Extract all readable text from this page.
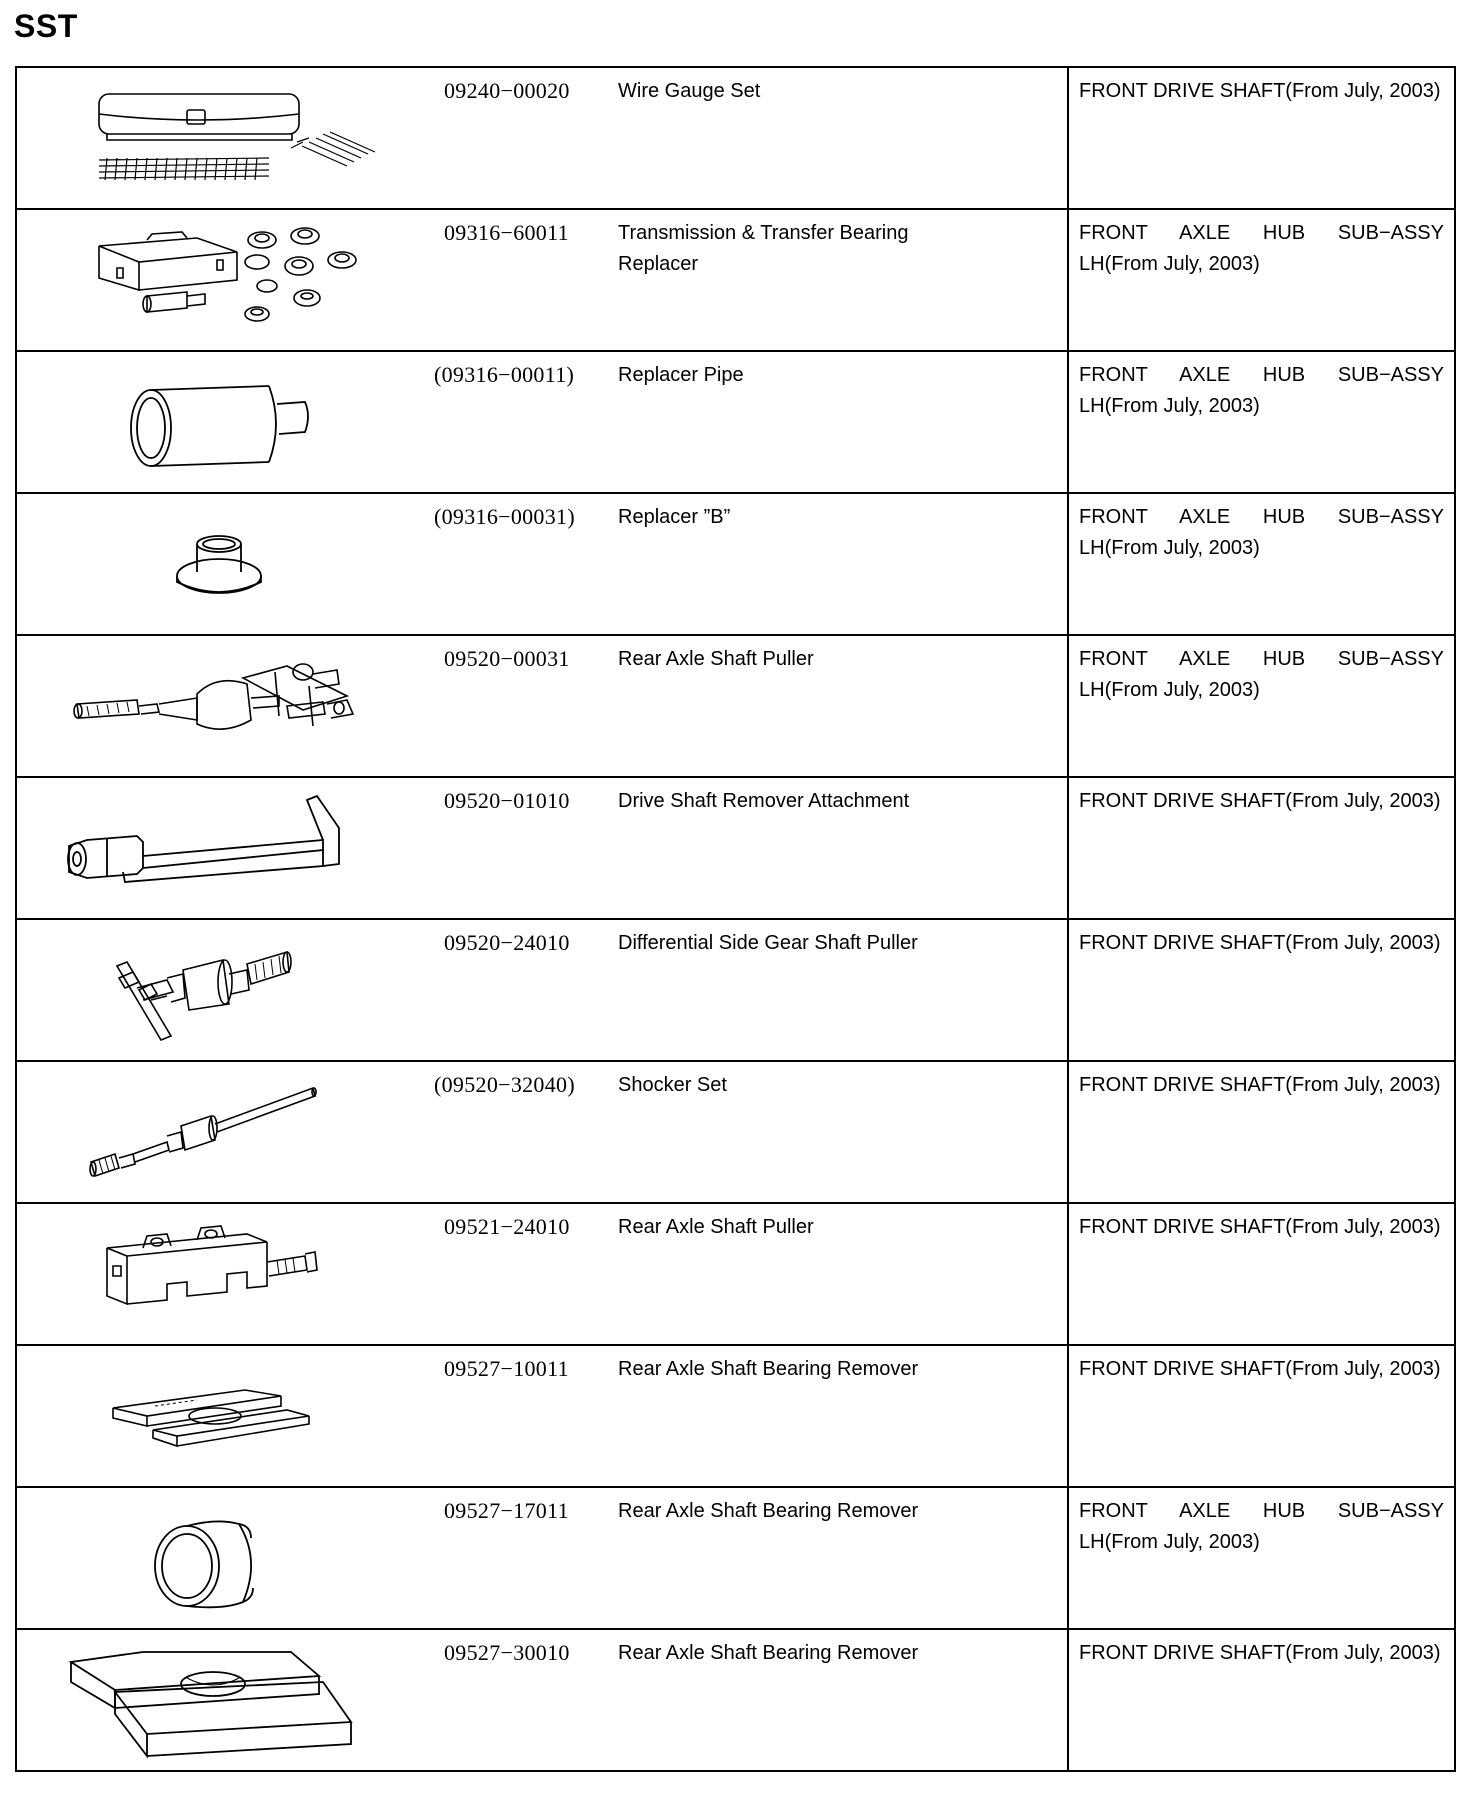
SST
09240−00020 Wire Gauge Set	FRONT DRIVE SHAFT(From July, 2003)

09316−60011 Transmission & Transfer Bearing Replacer	FRONT AXLE HUB SUB−ASSY LH(From July, 2003)

(09316−00011) Replacer Pipe	FRONT AXLE HUB SUB−ASSY LH(From July, 2003)

(09316−00031) Replacer ”B”	FRONT AXLE HUB SUB−ASSY LH(From July, 2003)

09520−00031 Rear Axle Shaft Puller	FRONT AXLE HUB SUB−ASSY LH(From July, 2003)

09520−01010 Drive Shaft Remover Attachment	FRONT DRIVE SHAFT(From July, 2003)

09520−24010 Differential Side Gear Shaft Puller	FRONT DRIVE SHAFT(From July, 2003)

(09520−32040) Shocker Set	FRONT DRIVE SHAFT(From July, 2003)

09521−24010 Rear Axle Shaft Puller	FRONT DRIVE SHAFT(From July, 2003)

09527−10011 Rear Axle Shaft Bearing Remover	FRONT DRIVE SHAFT(From July, 2003)

09527−17011 Rear Axle Shaft Bearing Remover	FRONT AXLE HUB SUB−ASSY LH(From July, 2003)

09527−30010 Rear Axle Shaft Bearing Remover	FRONT DRIVE SHAFT(From July, 2003)
